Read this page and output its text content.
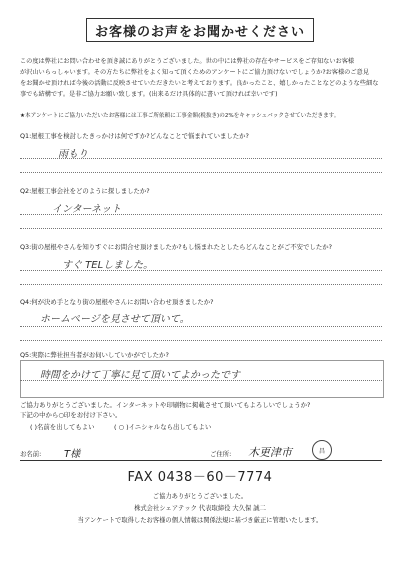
お客様のお声をお聞かせください

この度は弊社にお問い合わせを頂き誠にありがとうございました。世の中には弊社の存在やサービスをご存知ないお客様

が沢山いらっしゃいます。その方たちに弊社をよく知って頂くためのアンケートにご協力頂けないでしょうか?お客様のご意見

をお聞かせ頂ければ今後の活動に反映させていただきたいと考えております。良かったこと、嬉しかったことなどのような些細な

事でも結構です。是非ご協力お願い致します。(出来るだけ具体的に書いて頂ければ幸いです)

★本アンケートにご協力いただいたお客様には工事ご所依頼に工事金額(税抜き)の2%をキャッシュバックさせていただきます。
Q1:屋根工事を検討したきっかけは何ですか?どんなことで悩まれていましたか?
雨もり
Q2:屋根工事会社をどのように探しましたか?
インターネット
Q3:街の屋根やさんを知りすぐにお問合せ頂けましたか?もし悩まれたとしたらどんなことがご不安でしたか?
すぐ TELしました。
Q4:何が決め手となり街の屋根やさんにお問い合わせ頂きましたか?
ホームページを見させて頂いて。
Q5:実際に弊社担当者がお伺いしていかがでしたか?
時間をかけて丁寧に見て頂いてよかったです
ご協力ありがとうございました。インターネットや印刷物に掲載させて頂いてもよろしいでしょうか?
下記の中から○印をお付け下さい。
( )名前を出してもよい	( ○ )イニシャルなら出してもよい
お名前: T様	ご住所: 木更津市	昌
FAX 0438－60－7774
ご協力ありがとうございました。
株式会社シェアテック 代表取締役 大久保 誠二
当アンケートで取得したお客様の個人情報は関係法規に基づき厳正に管理いたします。
